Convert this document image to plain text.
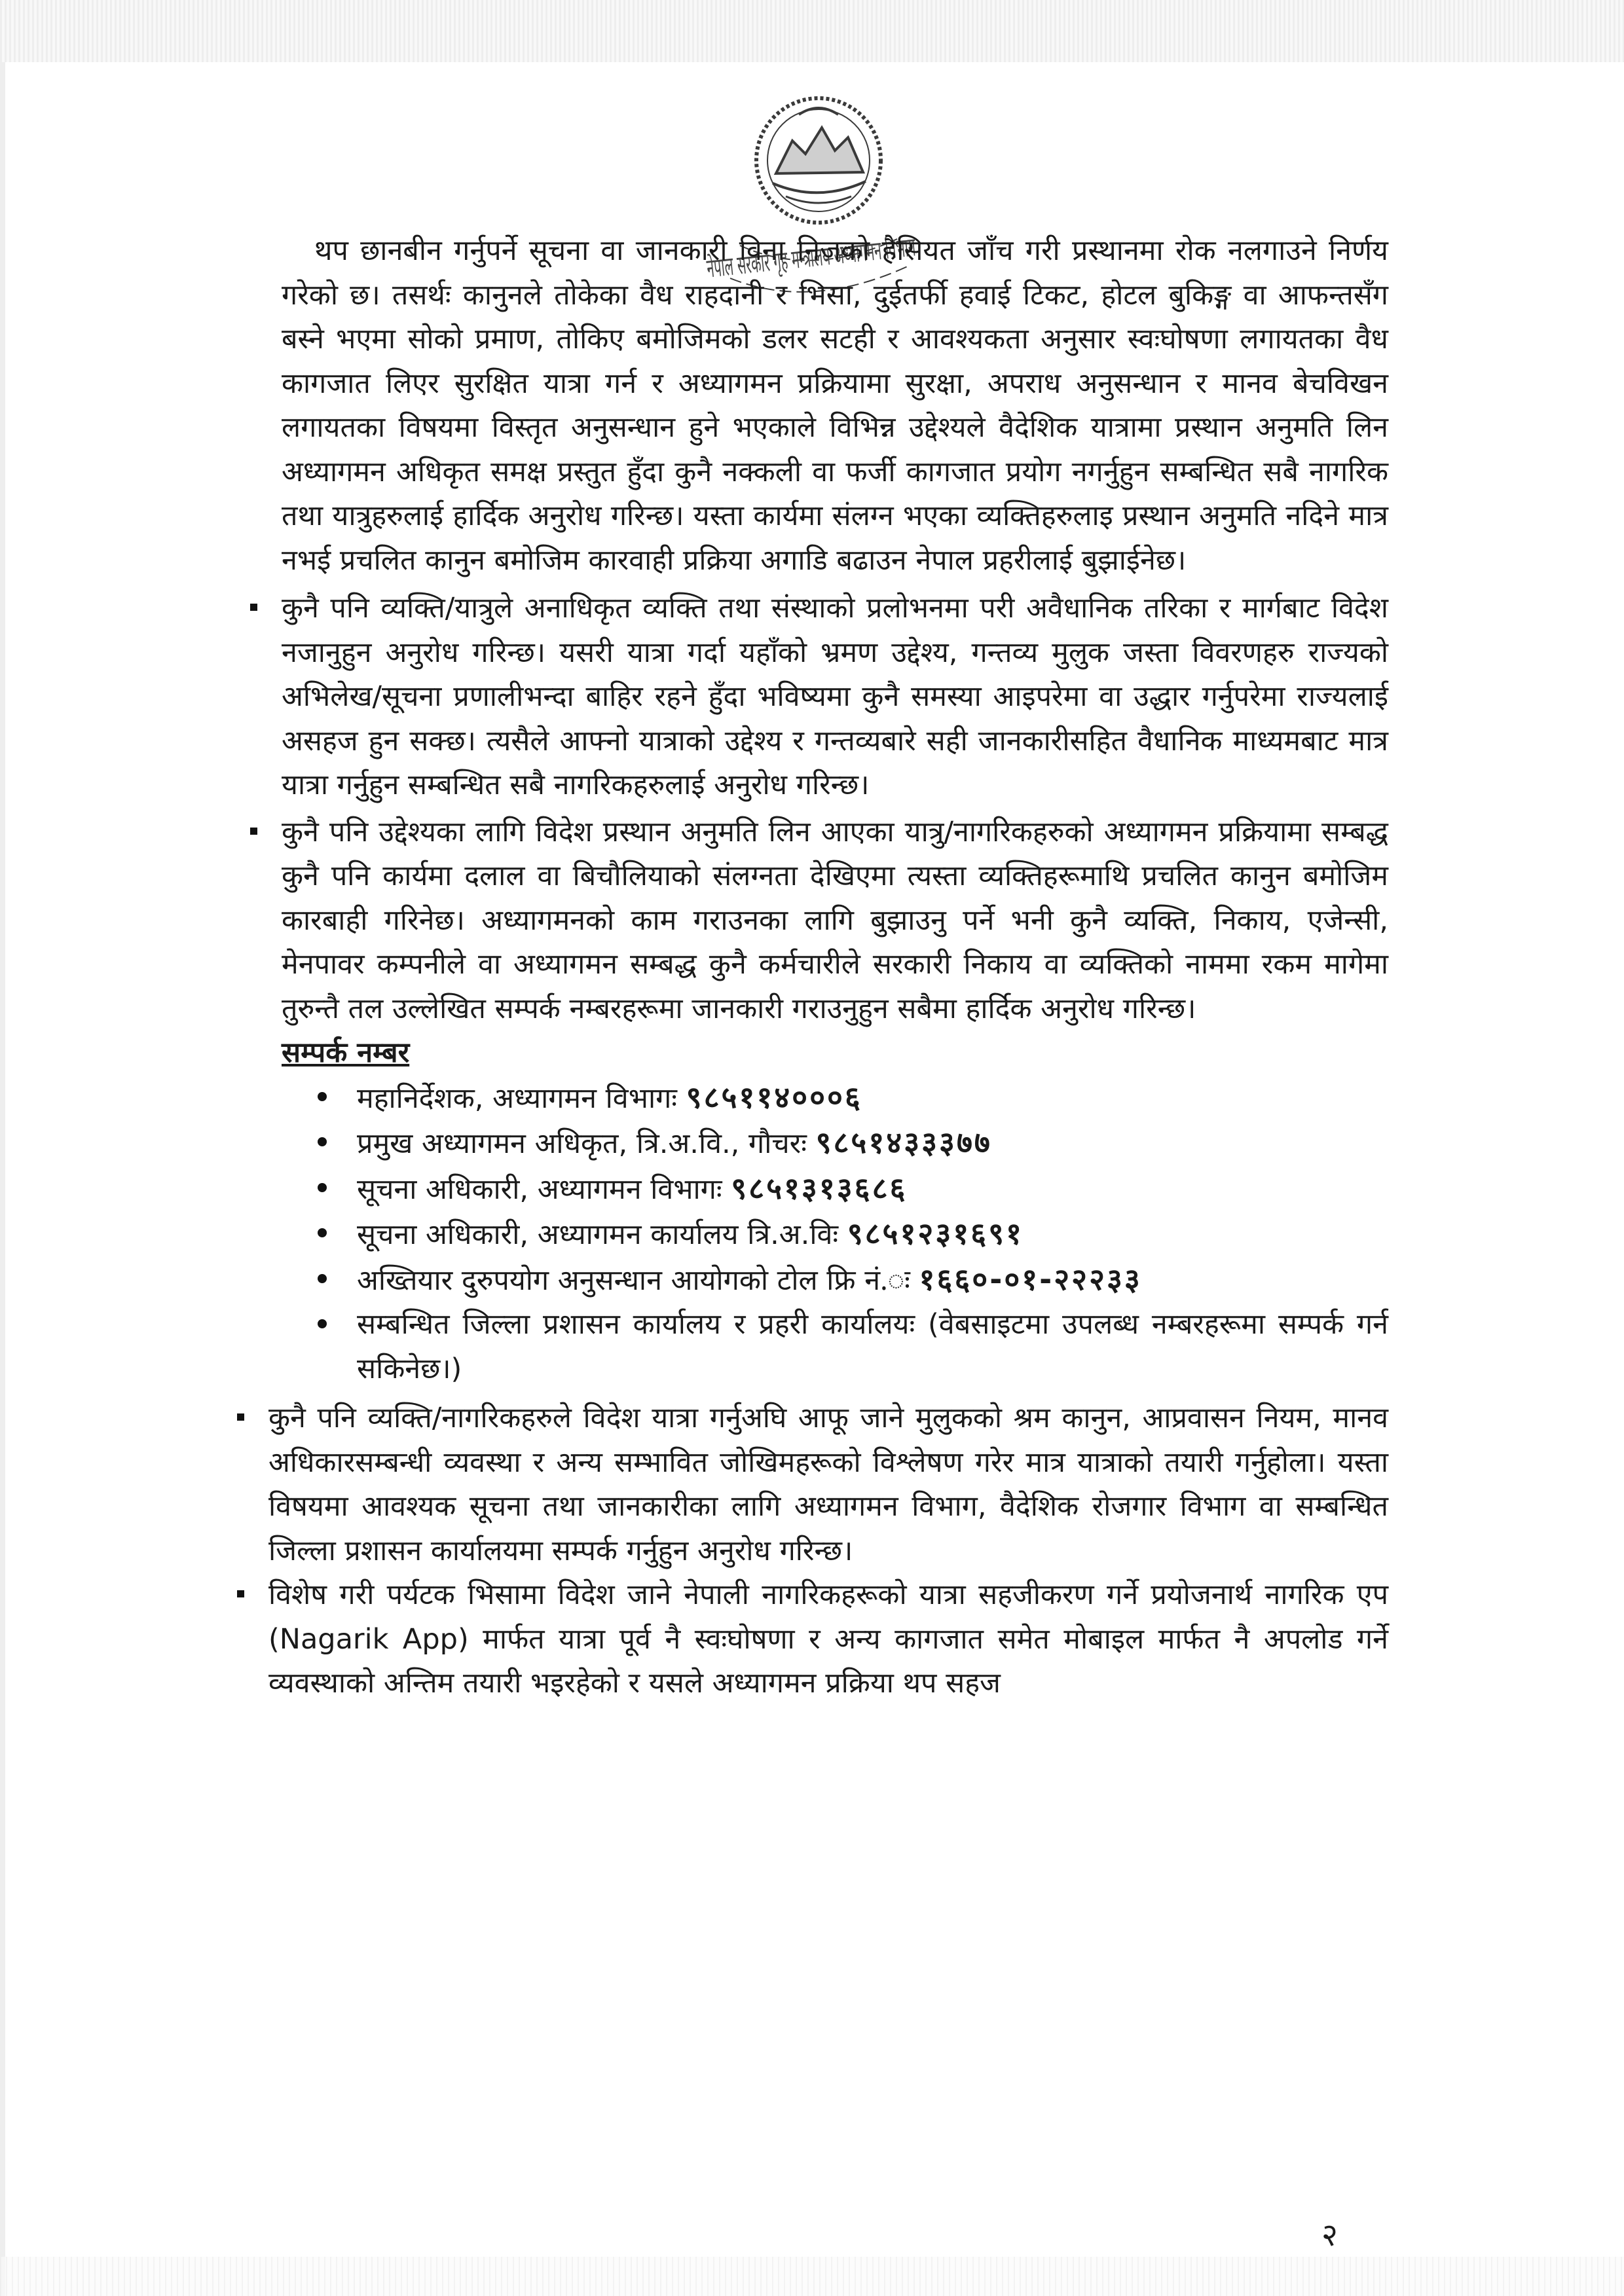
नेपाल सरकार गृह मन्त्रालय

थप छानबीन गर्नुपर्ने सूचना वा जानकारी विना निजको हैसियत जाँच गरी प्रस्थानमा रोक नलगाउने निर्णय गरेको छ। तसर्थः कानुनले तोकेका वैध राहदानी र भिसा, दुईतर्फी हवाई टिकट, होटल बुकिङ्ग वा आफन्तसँग बस्ने भएमा सोको प्रमाण, तोकिए बमोजिमको डलर सटही र आवश्यकता अनुसार स्वःघोषणा लगायतका वैध कागजात लिएर सुरक्षित यात्रा गर्न र अध्यागमन प्रक्रियामा सुरक्षा, अपराध अनुसन्धान र मानव बेचविखन लगायतका विषयमा विस्तृत अनुसन्धान हुने भएकाले विभिन्न उद्देश्यले वैदेशिक यात्रामा प्रस्थान अनुमति लिन अध्यागमन अधिकृत समक्ष प्रस्तुत हुँदा कुनै नक्कली वा फर्जी कागजात प्रयोग नगर्नुहुन सम्बन्धित सबै नागरिक तथा यात्रुहरुलाई हार्दिक अनुरोध गरिन्छ। यस्ता कार्यमा संलग्न भएका व्यक्तिहरुलाइ प्रस्थान अनुमति नदिने मात्र नभई प्रचलित कानुन बमोजिम कारवाही प्रक्रिया अगाडि बढाउन नेपाल प्रहरीलाई बुझाईनेछ।

कुनै पनि व्यक्ति/यात्रुले अनाधिकृत व्यक्ति तथा संस्थाको प्रलोभनमा परी अवैधानिक तरिका र मार्गबाट विदेश नजानुहुन अनुरोध गरिन्छ। यसरी यात्रा गर्दा यहाँको भ्रमण उद्देश्य, गन्तव्य मुलुक जस्ता विवरणहरु राज्यको अभिलेख/सूचना प्रणालीभन्दा बाहिर रहने हुँदा भविष्यमा कुनै समस्या आइपरेमा वा उद्धार गर्नुपरेमा राज्यलाई असहज हुन सक्छ। त्यसैले आफ्नो यात्राको उद्देश्य र गन्तव्यबारे सही जानकारीसहित वैधानिक माध्यमबाट मात्र यात्रा गर्नुहुन सम्बन्धित सबै नागरिकहरुलाई अनुरोध गरिन्छ।

कुनै पनि उद्देश्यका लागि विदेश प्रस्थान अनुमति लिन आएका यात्रु/नागरिकहरुको अध्यागमन प्रक्रियामा सम्बद्ध कुनै पनि कार्यमा दलाल वा बिचौलियाको संलग्नता देखिएमा त्यस्ता व्यक्तिहरूमाथि प्रचलित कानुन बमोजिम कारबाही गरिनेछ। अध्यागमनको काम गराउनका लागि बुझाउनु पर्ने भनी कुनै व्यक्ति, निकाय, एजेन्सी, मेनपावर कम्पनीले वा अध्यागमन सम्बद्ध कुनै कर्मचारीले सरकारी निकाय वा व्यक्तिको नाममा रकम मागेमा तुरुन्तै तल उल्लेखित सम्पर्क नम्बरहरूमा जानकारी गराउनुहुन सबैमा हार्दिक अनुरोध गरिन्छ।

सम्पर्क नम्बर

महानिर्देशक, अध्यागमन विभागः ९८५११४०००६
प्रमुख अध्यागमन अधिकृत, त्रि.अ.वि., गौचरः ९८५१४३३३७७
सूचना अधिकारी, अध्यागमन विभागः ९८५१३१३६८६
सूचना अधिकारी, अध्यागमन कार्यालय त्रि.अ.विः ९८५१२३१६९१
अख्तियार दुरुपयोग अनुसन्धान आयोगको टोल फ्रि नं.ः १६६०-०१-२२२३३
सम्बन्धित जिल्ला प्रशासन कार्यालय र प्रहरी कार्यालयः (वेबसाइटमा उपलब्ध नम्बरहरूमा सम्पर्क गर्न सकिनेछ।)

कुनै पनि व्यक्ति/नागरिकहरुले विदेश यात्रा गर्नुअघि आफू जाने मुलुकको श्रम कानुन, आप्रवासन नियम, मानव अधिकारसम्बन्धी व्यवस्था र अन्य सम्भावित जोखिमहरूको विश्लेषण गरेर मात्र यात्राको तयारी गर्नुहोला। यस्ता विषयमा आवश्यक सूचना तथा जानकारीका लागि अध्यागमन विभाग, वैदेशिक रोजगार विभाग वा सम्बन्धित जिल्ला प्रशासन कार्यालयमा सम्पर्क गर्नुहुन अनुरोध गरिन्छ।

विशेष गरी पर्यटक भिसामा विदेश जाने नेपाली नागरिकहरूको यात्रा सहजीकरण गर्ने प्रयोजनार्थ नागरिक एप (Nagarik App) मार्फत यात्रा पूर्व नै स्वःघोषणा र अन्य कागजात समेत मोबाइल मार्फत नै अपलोड गर्ने व्यवस्थाको अन्तिम तयारी भइरहेको र यसले अध्यागमन प्रक्रिया थप सहज

२
